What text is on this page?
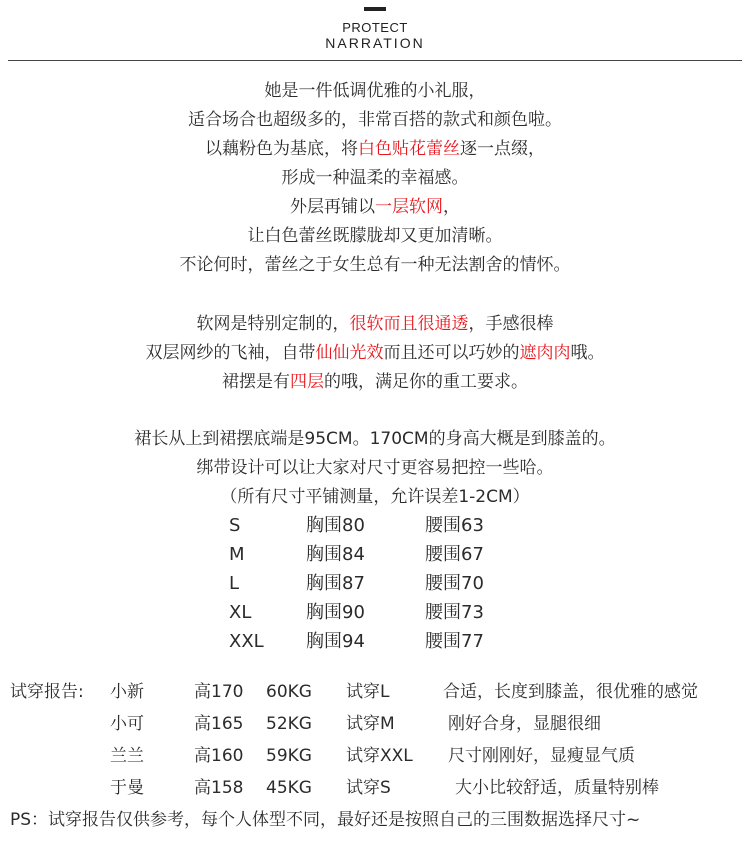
PROTECT
NARRATION
她是一件低调优雅的小礼服，
适合场合也超级多的，非常百搭的款式和颜色啦。
以藕粉色为基底，将白色贴花蕾丝逐一点缀，
形成一种温柔的幸福感。
外层再铺以一层软网，
让白色蕾丝既朦胧却又更加清晰。
不论何时，蕾丝之于女生总有一种无法割舍的情怀。
软网是特别定制的，很软而且很通透，手感很棒
双层网纱的飞袖，自带仙仙光效而且还可以巧妙的遮肉肉哦。
裙摆是有四层的哦，满足你的重工要求。
裙长从上到裙摆底端是95CM。170CM的身高大概是到膝盖的。
绑带设计可以让大家对尺寸更容易把控一些哈。
（所有尺寸平铺测量，允许误差1-2CM）
S	胸围80	腰围63
M	胸围84	腰围67
L	胸围87	腰围70
XL	胸围90	腰围73
XXL 胸围94	腰围77
试穿报告: 小新	高170 60KG 试穿L	合适，长度到膝盖，很优雅的感觉
小可	高165 52KG 试穿M	刚好合身，显腿很细
兰兰	高160 59KG 试穿XXL 尺寸刚刚好，显瘦显气质
于曼	高158 45KG 试穿S	大小比较舒适，质量特别棒
PS：试穿报告仅供参考，每个人体型不同，最好还是按照自己的三围数据选择尺寸~
